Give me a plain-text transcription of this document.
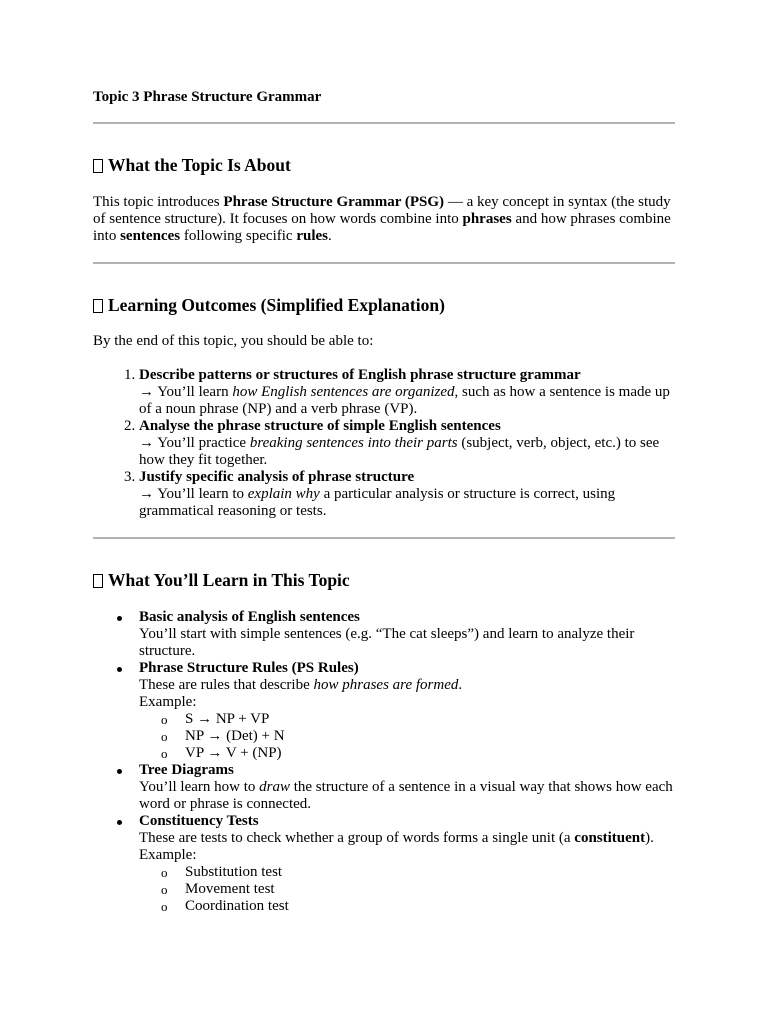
Topic 3 Phrase Structure Grammar

What the Topic Is About

This topic introduces Phrase Structure Grammar (PSG) — a key concept in syntax (the study of sentence structure). It focuses on how words combine into phrases and how phrases combine into sentences following specific rules.

Learning Outcomes (Simplified Explanation)

By the end of this topic, you should be able to:

1. Describe patterns or structures of English phrase structure grammar
→ You’ll learn how English sentences are organized, such as how a sentence is made up of a noun phrase (NP) and a verb phrase (VP).
2. Analyse the phrase structure of simple English sentences
→ You’ll practice breaking sentences into their parts (subject, verb, object, etc.) to see how they fit together.
3. Justify specific analysis of phrase structure
→ You’ll learn to explain why a particular analysis or structure is correct, using grammatical reasoning or tests.
What You’ll Learn in This Topic
Basic analysis of English sentences
You’ll start with simple sentences (e.g. “The cat sleeps”) and learn to analyze their structure.
Phrase Structure Rules (PS Rules)
These are rules that describe how phrases are formed.
Example:
o S → NP + VP
o NP → (Det) + N
o VP → V + (NP)
Tree Diagrams
You’ll learn how to draw the structure of a sentence in a visual way that shows how each word or phrase is connected.
Constituency Tests
These are tests to check whether a group of words forms a single unit (a constituent).
Example:
o Substitution test
o Movement test
o Coordination test
